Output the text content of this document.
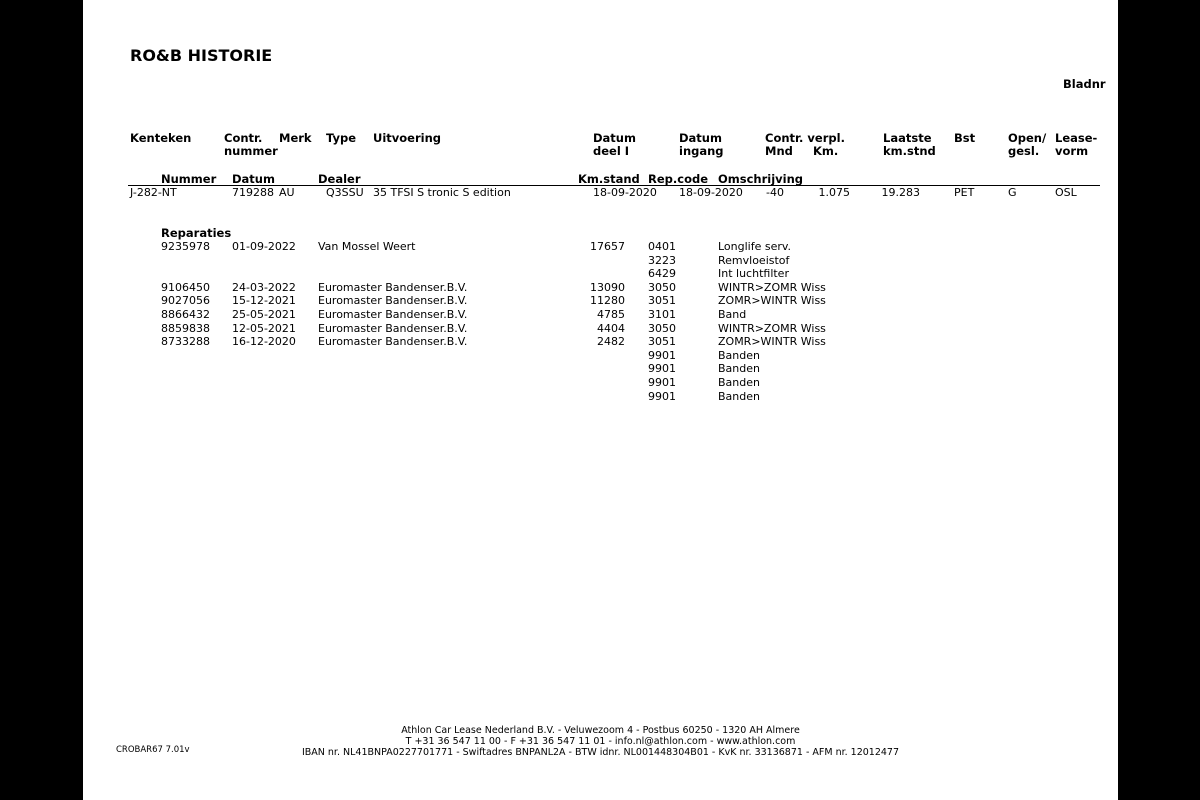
RO&B HISTORIE
Bladnr
Kenteken	Contr.
nummer
Merk Type Uitvoering	Datum
deel I
Datum
ingang
Contr. verpl.
Mnd Km.
Laatste
km.stnd
Bst	Open/
gesl.
Lease-
vorm
Nummer Datum	Dealer	Km.stand Rep.code Omschrijving
J-282-NT	719288 AU	Q3SSU 35 TFSI S tronic S edition	18-09-2020 18-09-2020 -40	1.075	19.283	PET	G	OSL
Reparaties
9235978 01-09-2022 Van Mossel Weert	17657 0401	Longlife serv.
3223	Remvloeistof
6429	Int luchtfilter
9106450 24-03-2022 Euromaster Bandenser.B.V.	13090 3050	WINTR>ZOMR Wiss
9027056 15-12-2021 Euromaster Bandenser.B.V.	11280 3051	ZOMR>WINTR Wiss
8866432 25-05-2021 Euromaster Bandenser.B.V.	4785 3101	Band
8859838 12-05-2021 Euromaster Bandenser.B.V.	4404 3050	WINTR>ZOMR Wiss
8733288 16-12-2020 Euromaster Bandenser.B.V.	2482 3051	ZOMR>WINTR Wiss
9901	Banden
9901	Banden
9901	Banden
9901	Banden
CROBAR67 7.01v
Athlon Car Lease Nederland B.V. - Veluwezoom 4 - Postbus 60250 - 1320 AH Almere
T +31 36 547 11 00 - F +31 36 547 11 01 - info.nl@athlon.com - www.athlon.com
IBAN nr. NL41BNPA0227701771 - Swiftadres BNPANL2A - BTW idnr. NL001448304B01 - KvK nr. 33136871 - AFM nr. 12012477
